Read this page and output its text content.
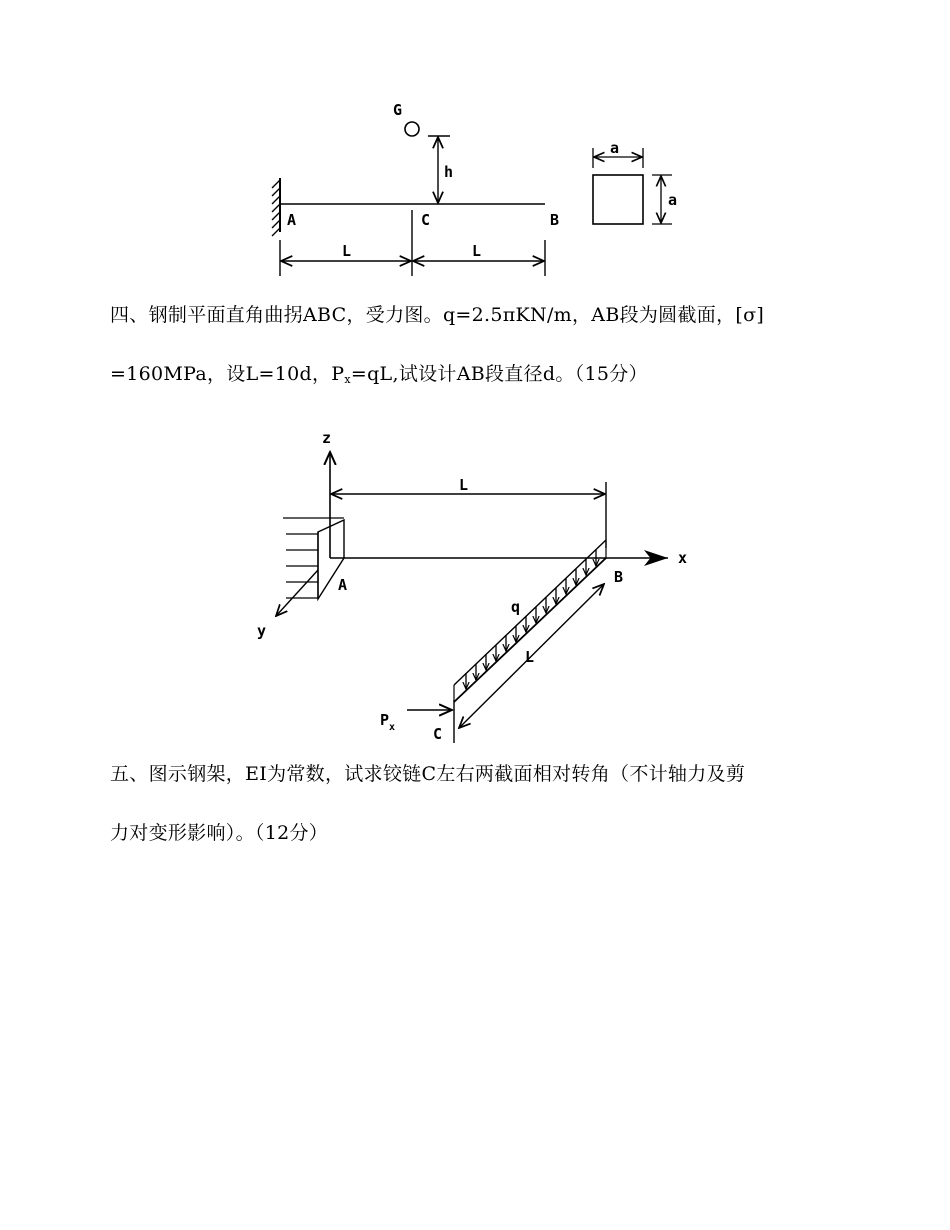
G
h
A	C	B
L	L
a
a

四、钢制平面直角曲拐ABC，受力图。q=2.5πKN/m，AB段为圆截面，[σ]

=160MPa，设L=10d，$P_x=qL$,试设计AB段直径d。（15分）

z
x
y
A
L
B
q
L
$P_x$	C

五、图示钢架，EI为常数，试求铰链C左右两截面相对转角（不计轴力及剪

力对变形影响）。（12分）
